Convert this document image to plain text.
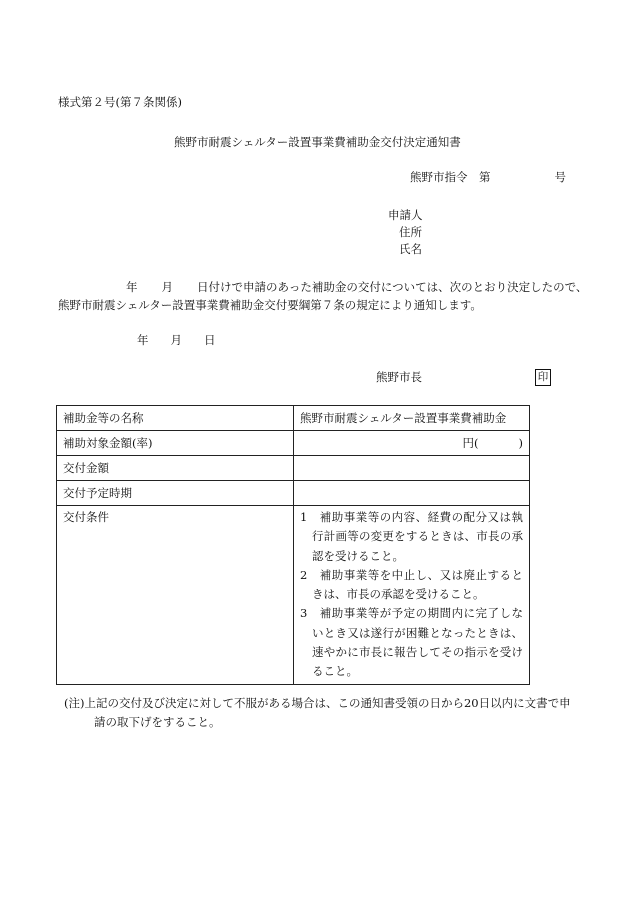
様式第２号(第７条関係)
熊野市耐震シェルター設置事業費補助金交付決定通知書
熊野市指令　第	号
申請人
住所
氏名
年 月 日付けで申請のあった補助金の交付については、次のとおり決定したので、
熊野市耐震シェルター設置事業費補助金交付要綱第７条の規定により通知します。
年 月 日
熊野市長	印
補助金等の名称	熊野市耐震シェルター設置事業費補助金
補助対象金額(率)	円( )
交付金額	
交付予定時期	
交付条件	1　補助事業等の内容、経費の配分又は執行計画等の変更をするときは、市長の承認を受けること。
2　補助事業等を中止し、又は廃止するときは、市長の承認を受けること。
3　補助事業等が予定の期間内に完了しないとき又は遂行が困難となったときは、速やかに市長に報告してその指示を受けること。
(注)上記の交付及び決定に対して不服がある場合は、この通知書受領の日から20日以内に文書で申
請の取下げをすること。
